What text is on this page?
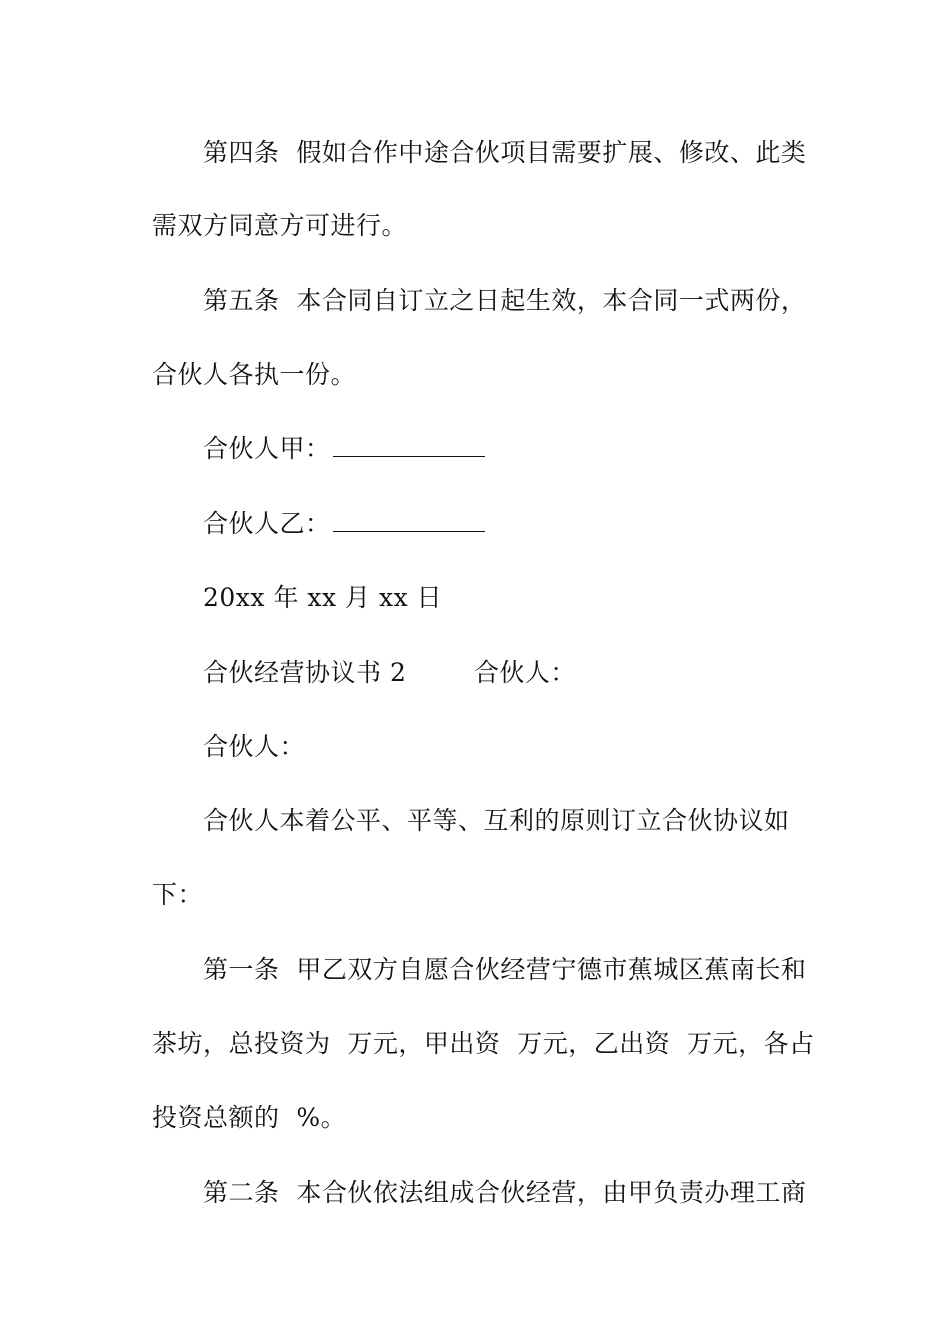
第四条  假如合作中途合伙项目需要扩展、修改、此类
需双方同意方可进行。
第五条  本合同自订立之日起生效，本合同一式两份，
合伙人各执一份。
合伙人甲：
合伙人乙：
20xx 年 xx 月 xx 日
合伙经营协议书 2        合伙人：
合伙人：
合伙人本着公平、平等、互利的原则订立合伙协议如
下：
第一条  甲乙双方自愿合伙经营宁德市蕉城区蕉南长和
茶坊，总投资为  万元，甲出资  万元，乙出资  万元，各占
投资总额的  %。
第二条  本合伙依法组成合伙经营，由甲负责办理工商
